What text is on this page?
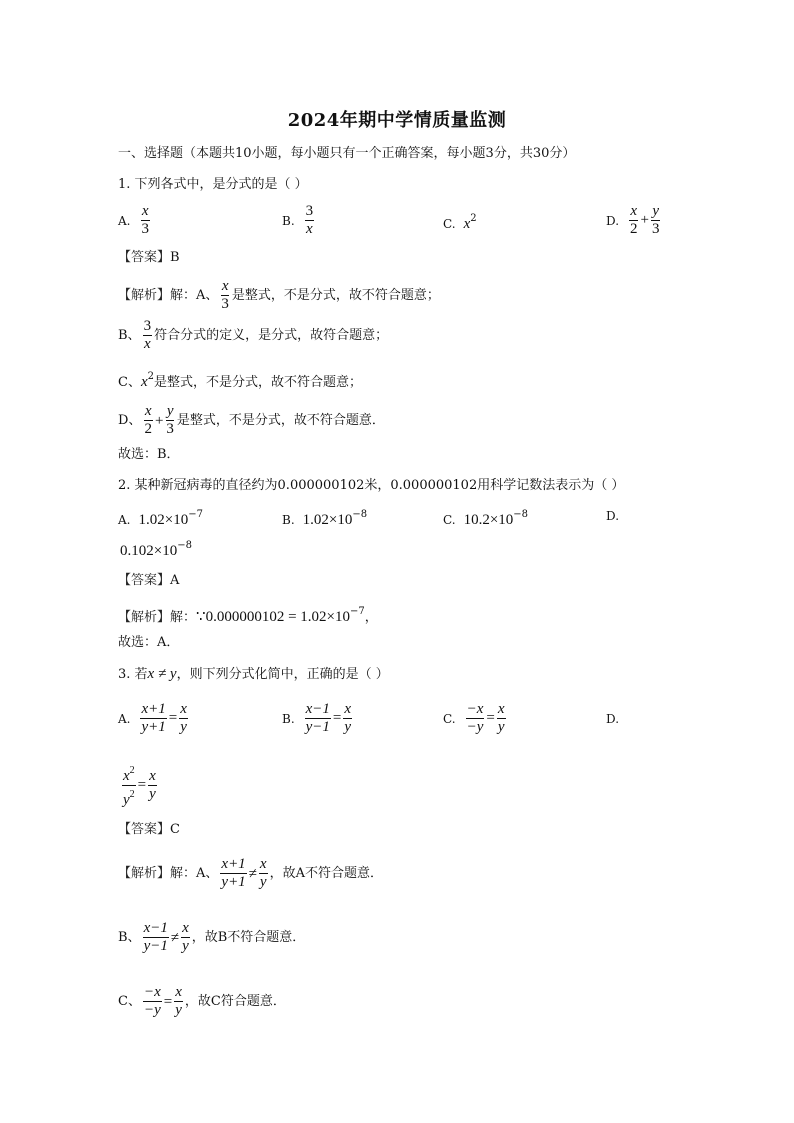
2024年期中学情质量监测
一、选择题（本题共10小题，每小题只有一个正确答案，每小题3分，共30分）
1. 下列各式中，是分式的是（ ）
A. $\frac{x}{3}$	B. $\frac{3}{x}$	C. $x^2$	D. $\frac{x}{2} + \frac{y}{3}$
【答案】B
【解析】 解：A、 $\frac{x}{3}$ 是整式，不是分式，故不符合题意；
B、 $\frac{3}{x}$ 符合分式的定义，是分式，故符合题意；
C、$x^2$是整式，不是分式，故不符合题意；
D、 $\frac{x}{2} + \frac{y}{3}$ 是整式，不是分式，故不符合题意．
故选：B．
2. 某种新冠病毒的直径约为0.000000102米，0.000000102用科学记数法表示为（ ）
A. $1.02\times 10^{-7}$	B. $1.02\times 10^{-8}$	C. $10.2\times 10^{-8}$	D.
$0.102\times 10^{-8}$
【答案】A
【解析】解：∵0.000000102 = $1.02\times 10^{-7}$，
故选：A．
3. 若x ≠ y，则下列分式化简中，正确的是（ ）
A. $\frac{x+1}{y+1} = \frac{x}{y}$	B. $\frac{x-1}{y-1} = \frac{x}{y}$	C. $\frac{-x}{-y} = \frac{x}{y}$	D.
$\frac{x^2}{y^2} = \frac{x}{y}$
【答案】C
【解析】 解：A、 $\frac{x+1}{y+1} \ne \frac{x}{y}$ ，故A不符合题意．
B、 $\frac{x-1}{y-1} \ne \frac{x}{y}$ ，故B不符合题意．
C、 $\frac{-x}{-y} = \frac{x}{y}$ ，故C符合题意．
